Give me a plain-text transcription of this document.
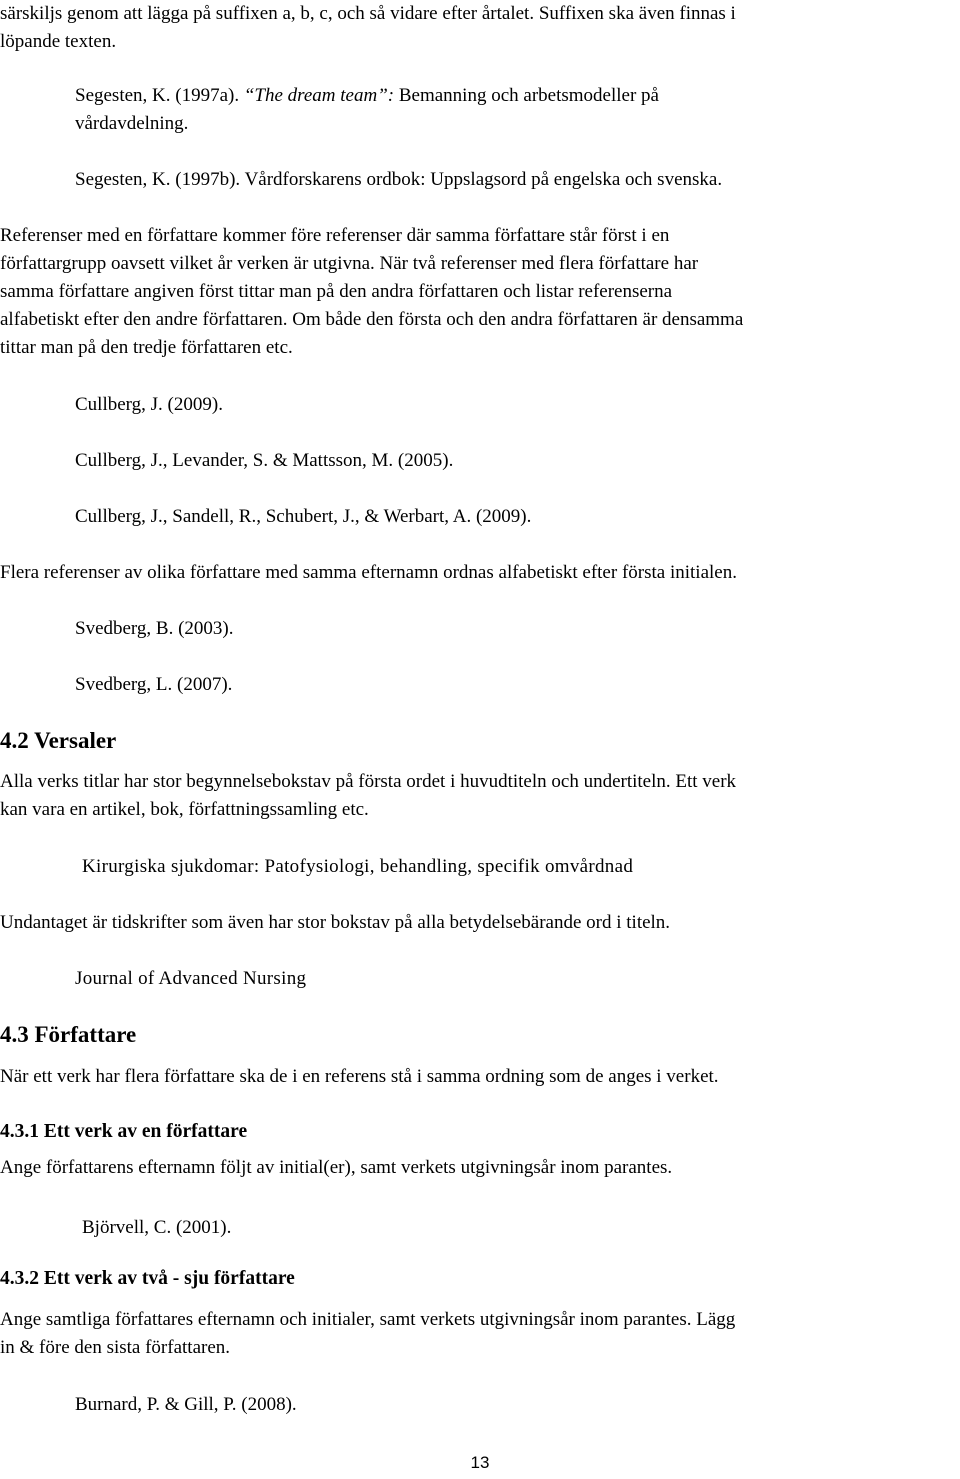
särskiljs genom att lägga på suffixen a, b, c, och så vidare efter årtalet. Suffixen ska även finnas i
löpande texten.
Segesten, K. (1997a). “The dream team”: Bemanning och arbetsmodeller på
vårdavdelning.
Segesten, K. (1997b). Vårdforskarens ordbok: Uppslagsord på engelska och svenska.
Referenser med en författare kommer före referenser där samma författare står först i en
författargrupp oavsett vilket år verken är utgivna. När två referenser med flera författare har
samma författare angiven först tittar man på den andra författaren och listar referenserna
alfabetiskt efter den andre författaren. Om både den första och den andra författaren är densamma
tittar man på den tredje författaren etc.
Cullberg, J. (2009).
Cullberg, J., Levander, S. & Mattsson, M. (2005).
Cullberg, J., Sandell, R., Schubert, J., & Werbart, A. (2009).
Flera referenser av olika författare med samma efternamn ordnas alfabetiskt efter första initialen.
Svedberg, B. (2003).
Svedberg, L. (2007).
4.2 Versaler
Alla verks titlar har stor begynnelsebokstav på första ordet i huvudtiteln och undertiteln. Ett verk
kan vara en artikel, bok, författningssamling etc.
Kirurgiska sjukdomar: Patofysiologi, behandling, specifik omvårdnad
Undantaget är tidskrifter som även har stor bokstav på alla betydelsebärande ord i titeln.
Journal of Advanced Nursing
4.3 Författare
När ett verk har flera författare ska de i en referens stå i samma ordning som de anges i verket.
4.3.1 Ett verk av en författare
Ange författarens efternamn följt av initial(er), samt verkets utgivningsår inom parantes.
Björvell, C. (2001).
4.3.2 Ett verk av två - sju författare
Ange samtliga författares efternamn och initialer, samt verkets utgivningsår inom parantes. Lägg
in & före den sista författaren.
Burnard, P. & Gill, P. (2008).
13
